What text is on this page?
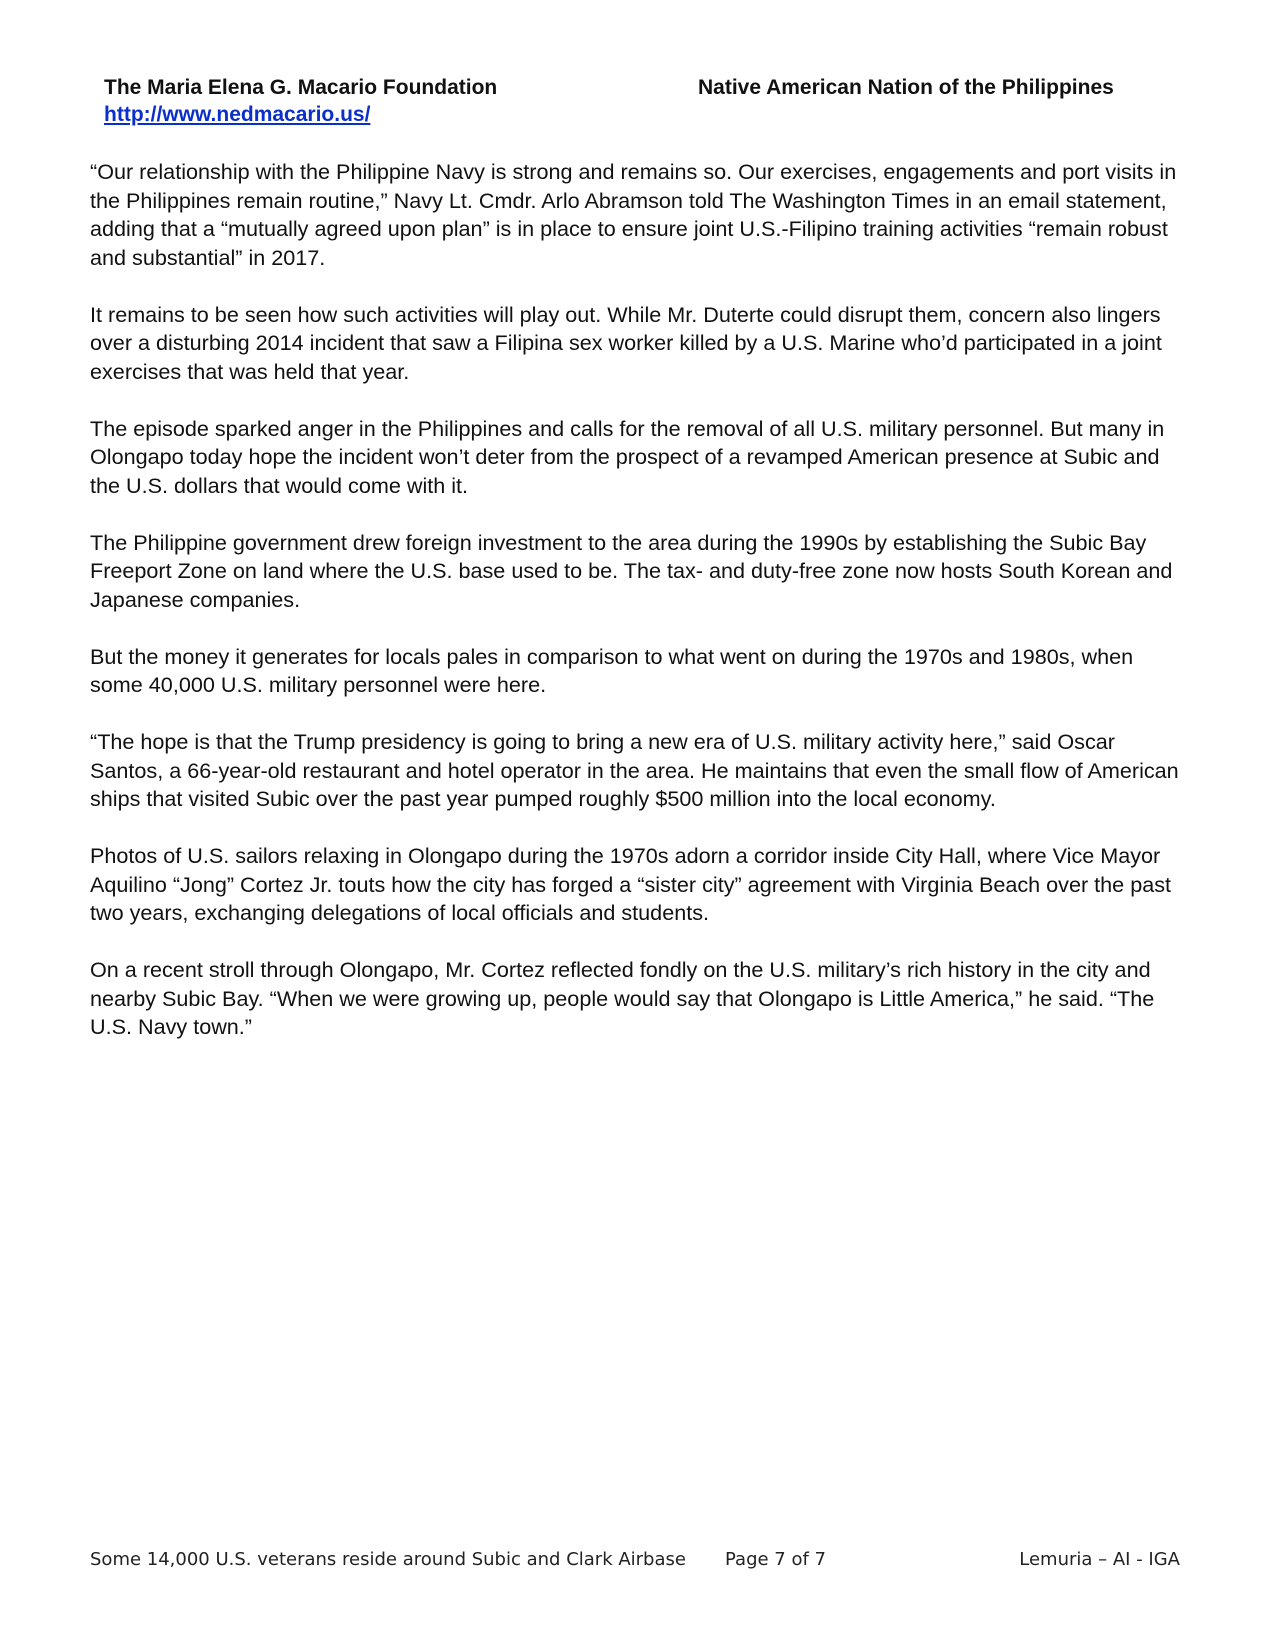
The Maria Elena G. Macario Foundation
http://www.nedmacario.us/
Native American Nation of the Philippines

“Our relationship with the Philippine Navy is strong and remains so. Our exercises, engagements and port visits in the Philippines remain routine,” Navy Lt. Cmdr. Arlo Abramson told The Washington Times in an email statement, adding that a “mutually agreed upon plan” is in place to ensure joint U.S.-Filipino training activities “remain robust and substantial” in 2017.

It remains to be seen how such activities will play out. While Mr. Duterte could disrupt them, concern also lingers over a disturbing 2014 incident that saw a Filipina sex worker killed by a U.S. Marine who’d participated in a joint exercises that was held that year.

The episode sparked anger in the Philippines and calls for the removal of all U.S. military personnel. But many in Olongapo today hope the incident won’t deter from the prospect of a revamped American presence at Subic and the U.S. dollars that would come with it.

The Philippine government drew foreign investment to the area during the 1990s by establishing the Subic Bay Freeport Zone on land where the U.S. base used to be. The tax- and duty-free zone now hosts South Korean and Japanese companies.

But the money it generates for locals pales in comparison to what went on during the 1970s and 1980s, when some 40,000 U.S. military personnel were here.

“The hope is that the Trump presidency is going to bring a new era of U.S. military activity here,” said Oscar Santos, a 66-year-old restaurant and hotel operator in the area. He maintains that even the small flow of American ships that visited Subic over the past year pumped roughly $500 million into the local economy.

Photos of U.S. sailors relaxing in Olongapo during the 1970s adorn a corridor inside City Hall, where Vice Mayor Aquilino “Jong” Cortez Jr. touts how the city has forged a “sister city” agreement with Virginia Beach over the past two years, exchanging delegations of local officials and students.

On a recent stroll through Olongapo, Mr. Cortez reflected fondly on the U.S. military’s rich history in the city and nearby Subic Bay. “When we were growing up, people would say that Olongapo is Little America,” he said. “The U.S. Navy town.”

Some 14,000 U.S. veterans reside around Subic and Clark Airbase Page 7 of 7	Lemuria – AI - IGA
